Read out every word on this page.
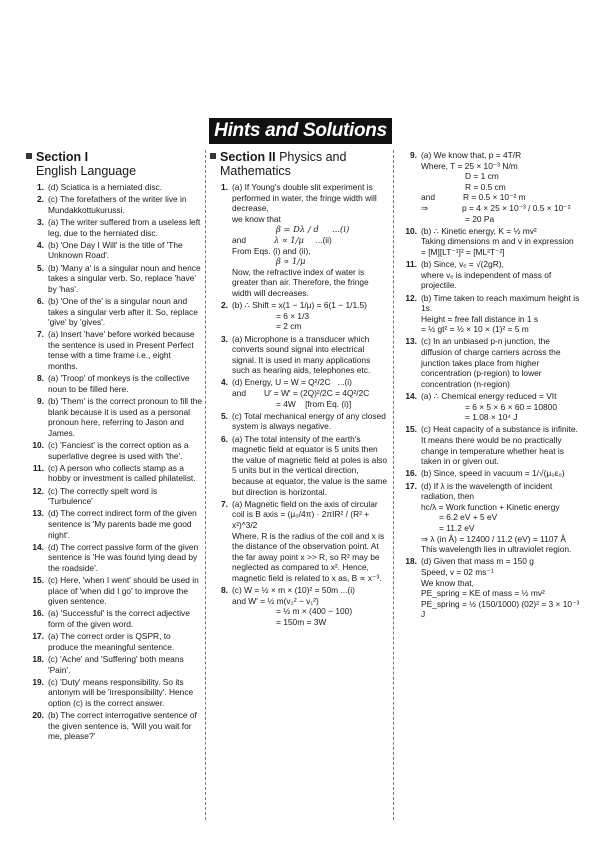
Hints and Solutions
Section I
English Language
1. (d) Sciatica is a herniated disc.
2. (c) The forefathers of the writer live in Mundakkottukurussi.
3. (a) The writer suffered from a useless left leg, due to the herniated disc.
4. (b) 'One Day I Will' is the title of 'The Unknown Road'.
5. (b) 'Many a' is a singular noun and hence takes a singular verb. So, replace 'have' by 'has'.
6. (b) 'One of the' is a singular noun and takes a singular verb after it. So, replace 'give' by 'gives'.
7. (a) Insert 'have' before worked because the sentence is used in Present Perfect tense with a time frame i.e., eight months.
8. (a) 'Troop' of monkeys is the collective noun to be filled here.
9. (b) 'Them' is the correct pronoun to fill the blank because it is used as a personal pronoun here, referring to Jason and James.
10. (c) 'Fanciest' is the correct option as a superlative degree is used with 'the'.
11. (c) A person who collects stamp as a hobby or investment is called philatelist.
12. (c) The correctly spelt word is 'Turbulence'
13. (d) The correct indirect form of the given sentence is 'My parents bade me good night'.
14. (d) The correct passive form of the given sentence is 'He was found lying dead by the roadside'.
15. (c) Here, 'when I went' should be used in place of 'when did I go' to improve the given sentence.
16. (a) 'Successful' is the correct adjective form of the given word.
17. (a) The correct order is QSPR, to produce the meaningful sentence.
18. (c) 'Ache' and 'Suffering' both means 'Pain'.
19. (c) 'Duty' means responsibility. So its antonym will be 'irresponsibility'. Hence option (c) is the correct answer.
20. (b) The correct interrogative sentence of the given sentence is, 'Will you wait for me, please?'
Section II Physics and Mathematics
1. (a) If Young's double slit experiment is performed in water, the fringe width will decrease,
we know that
β = Dλ / d ...(i)
and	λ ∝ 1/μ ...(ii)
From Eqs. (i) and (ii),
β ∝ 1/μ
Now, the refractive index of water is greater than air. Therefore, the fringe width will decreases.
2. (b) ∴ Shift = x(1 − 1/μ) = 6(1 − 1/1.5)
= 6 × 1/3
= 2 cm
3. (a) Microphone is a transducer which converts sound signal into electrical signal. It is used in many applications such as hearing aids, telephones etc.
4. (d) Energy, U = W = Q²/2C ...(i)
and U′ = W′ = (2Q)²/2C = 4Q²/2C
= 4W [from Eq. (i)]
5. (c) Total mechanical energy of any closed system is always negative.
6. (a) The total intensity of the earth's magnetic field at equator is 5 units then the value of magnetic field at poles is also 5 units but in the vertical direction, because at equator, the value is the same but direction is horizontal.
7. (a) Magnetic field on the axis of circular
coil is B axis = (μ₀/4π) · 2πIR² / (R² + x²)^3/2
Where, R is the radius of the coil and x is the distance of the observation point. At the far away point x >> R, so R² may be neglected as compared to x². Hence, magnetic field is related to x as, B ∝ x⁻³.
8. (c) W = ½ × m × (10)² = 50m ...(i)
and W′ = ½ m(v₂² − v₁²)
= ½ m × (400 − 100)
= 150m = 3W
9. (a) We know that, p = 4T/R
Where, T = 25 × 10⁻³ N/m
D = 1 cm
R = 0.5 cm
and	R = 0.5 × 10⁻² m
⇒	p = 4 × 25 × 10⁻³ / 0.5 × 10⁻²
= 20 Pa
10. (b) ∴ Kinetic energy, K = ½ mv²
Taking dimensions m and v in expression
= [M][LT⁻¹]² = [ML²T⁻²]
11. (b) Since, vₑ = √(2gR),
where vₑ is independent of mass of projectile.
12. (b) Time taken to reach maximum height is 1s.
Height = free fall distance in 1 s
= ½ gt² = ½ × 10 × (1)² = 5 m
13. (c) In an unbiased p-n junction, the diffusion of charge carriers across the junction takes place from higher concentration (p-region) to lower concentration (n-region)
14. (a) ∴ Chemical energy reduced = VIt
= 6 × 5 × 6 × 60 = 10800
= 1.08 × 10⁴ J
15. (c) Heat capacity of a substance is infinite. It means there would be no practically change in temperature whether heat is taken in or given out.
16. (b) Since, speed in vacuum = 1/√(μ₀ε₀)
17. (d) If λ is the wavelength of incident radiation, then
hc/λ = Work function + Kinetic energy
= 6.2 eV + 5 eV
= 11.2 eV
⇒ λ (in Å) = 12400 / 11.2 (eV) = 1107 Å
This wavelength lies in ultraviolet region.
18. (d) Given that mass m = 150 g
Speed, v = 02 ms⁻¹
We know that,
PE_spring = KE of mass = ½ mv²
PE_spring = ½ (150/1000) (02)² = 3 × 10⁻³ J
